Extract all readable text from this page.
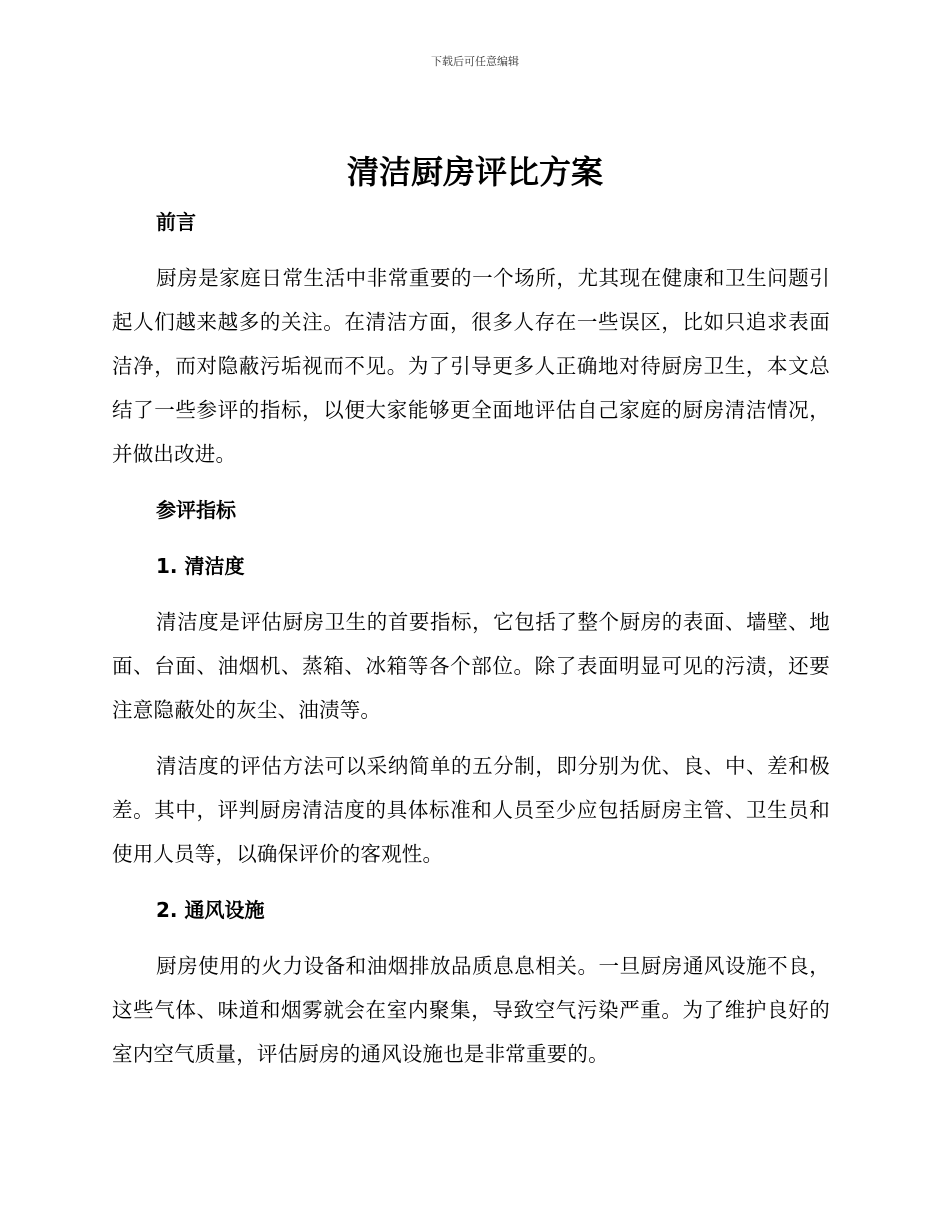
下载后可任意编辑
清洁厨房评比方案

前言

厨房是家庭日常生活中非常重要的一个场所，尤其现在健康和卫生问题引起人们越来越多的关注。在清洁方面，很多人存在一些误区，比如只追求表面洁净，而对隐蔽污垢视而不见。为了引导更多人正确地对待厨房卫生，本文总结了一些参评的指标，以便大家能够更全面地评估自己家庭的厨房清洁情况，并做出改进。

参评指标

1. 清洁度

清洁度是评估厨房卫生的首要指标，它包括了整个厨房的表面、墙壁、地面、台面、油烟机、蒸箱、冰箱等各个部位。除了表面明显可见的污渍，还要注意隐蔽处的灰尘、油渍等。

清洁度的评估方法可以采纳简单的五分制，即分别为优、良、中、差和极差。其中，评判厨房清洁度的具体标准和人员至少应包括厨房主管、卫生员和使用人员等，以确保评价的客观性。

2. 通风设施

厨房使用的火力设备和油烟排放品质息息相关。一旦厨房通风设施不良，这些气体、味道和烟雾就会在室内聚集，导致空气污染严重。为了维护良好的室内空气质量，评估厨房的通风设施也是非常重要的。
